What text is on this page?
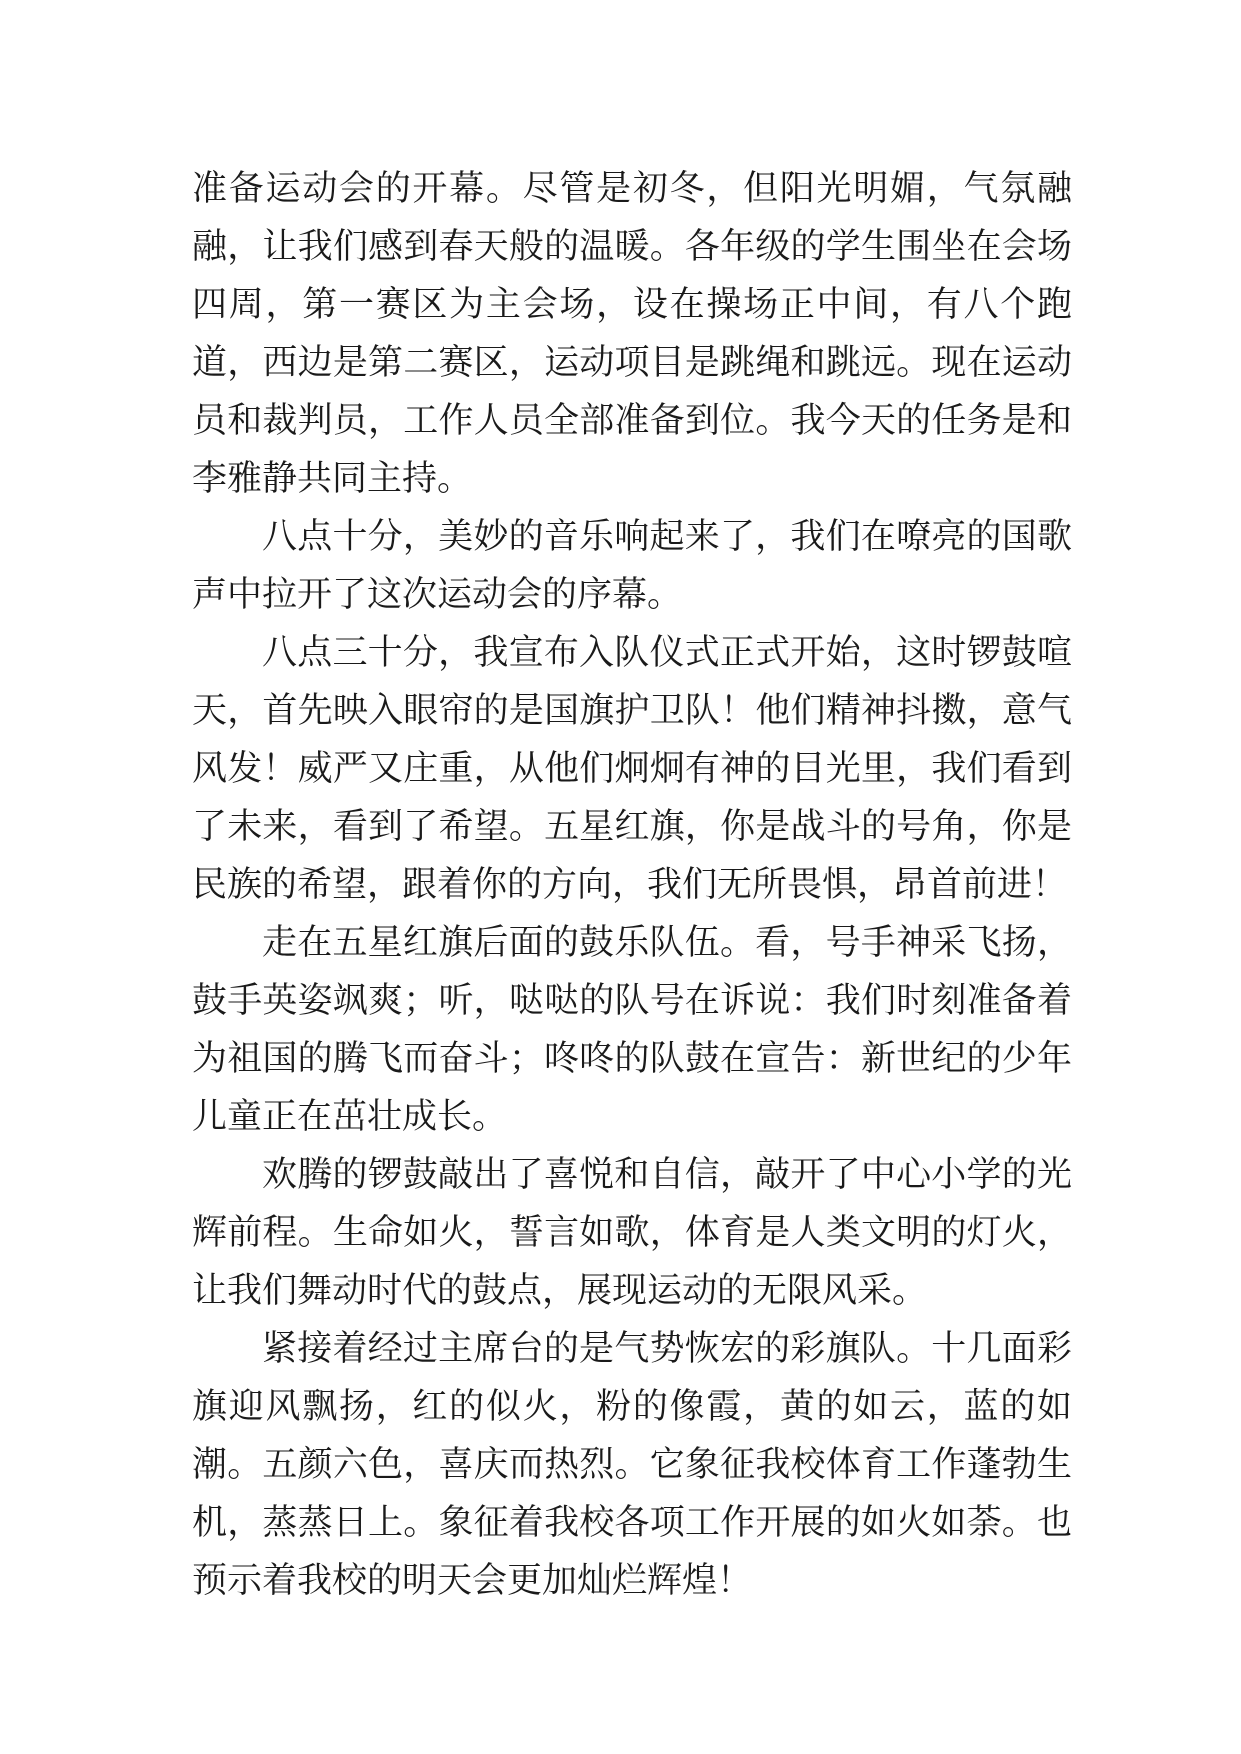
准备运动会的开幕。尽管是初冬，但阳光明媚，气氛融融，让我们感到春天般的温暖。各年级的学生围坐在会场四周，第一赛区为主会场，设在操场正中间，有八个跑道，西边是第二赛区，运动项目是跳绳和跳远。现在运动员和裁判员，工作人员全部准备到位。我今天的任务是和李雅静共同主持。

八点十分，美妙的音乐响起来了，我们在嘹亮的国歌声中拉开了这次运动会的序幕。

八点三十分，我宣布入队仪式正式开始，这时锣鼓喧天，首先映入眼帘的是国旗护卫队！他们精神抖擞，意气风发！威严又庄重，从他们炯炯有神的目光里，我们看到了未来，看到了希望。五星红旗，你是战斗的号角，你是民族的希望，跟着你的方向，我们无所畏惧，昂首前进！

走在五星红旗后面的鼓乐队伍。看，号手神采飞扬，鼓手英姿飒爽；听，哒哒的队号在诉说：我们时刻准备着为祖国的腾飞而奋斗；咚咚的队鼓在宣告：新世纪的少年儿童正在茁壮成长。

欢腾的锣鼓敲出了喜悦和自信，敲开了中心小学的光辉前程。生命如火，誓言如歌，体育是人类文明的灯火，让我们舞动时代的鼓点，展现运动的无限风采。

紧接着经过主席台的是气势恢宏的彩旗队。十几面彩旗迎风飘扬，红的似火，粉的像霞，黄的如云，蓝的如潮。五颜六色，喜庆而热烈。它象征我校体育工作蓬勃生机，蒸蒸日上。象征着我校各项工作开展的如火如荼。也预示着我校的明天会更加灿烂辉煌！
